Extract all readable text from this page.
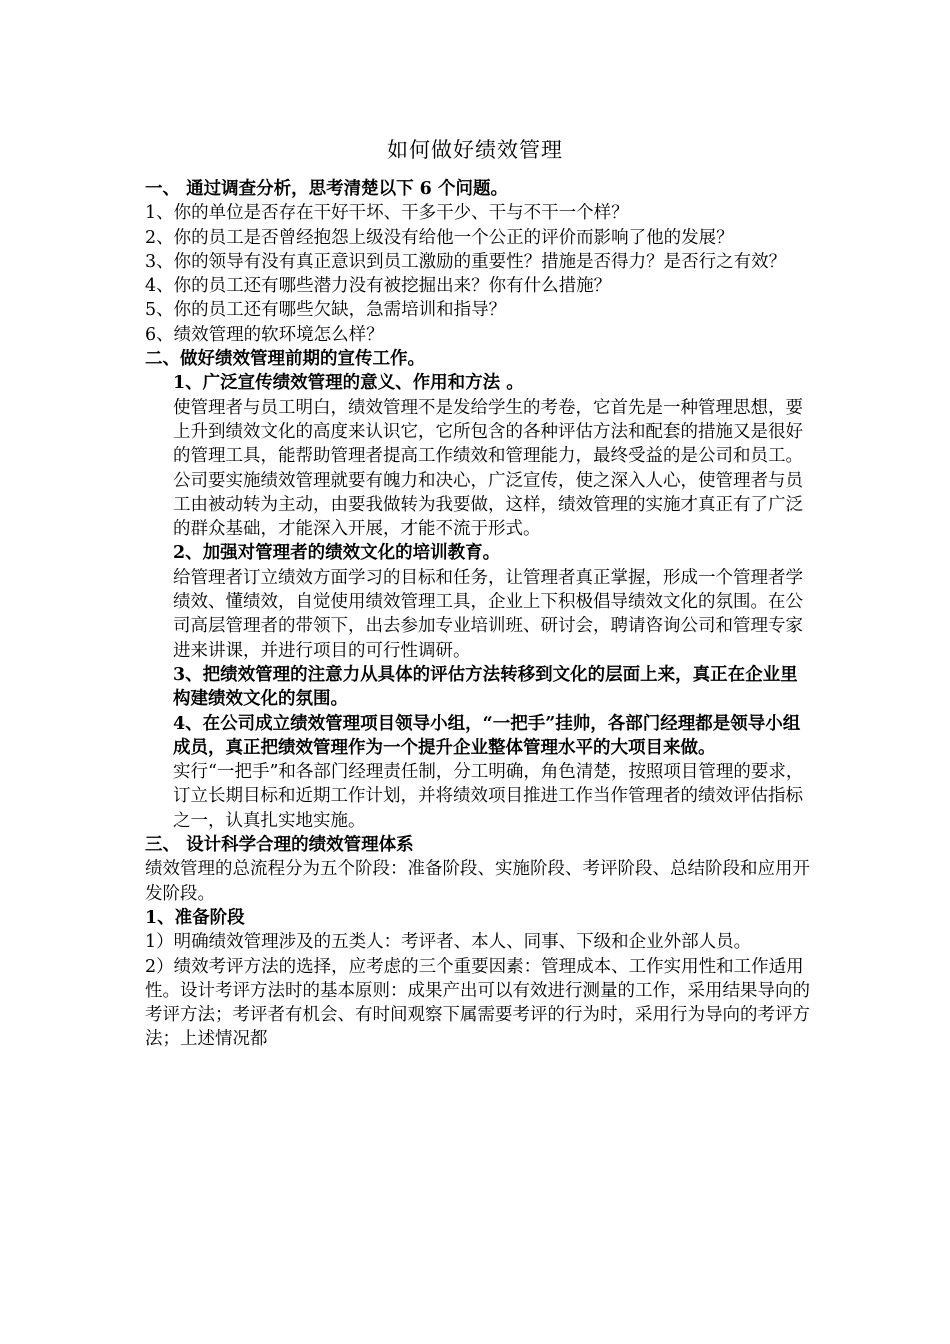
如何做好绩效管理

一、 通过调查分析，思考清楚以下 6 个问题。

1、你的单位是否存在干好干坏、干多干少、干与不干一个样？

2、你的员工是否曾经抱怨上级没有给他一个公正的评价而影响了他的发展？

3、你的领导有没有真正意识到员工激励的重要性？措施是否得力？是否行之有效？

4、你的员工还有哪些潜力没有被挖掘出来？你有什么措施？

5、你的员工还有哪些欠缺，急需培训和指导？

6、绩效管理的软环境怎么样？

二、做好绩效管理前期的宣传工作。

1、广泛宣传绩效管理的意义、作用和方法 。

使管理者与员工明白，绩效管理不是发给学生的考卷，它首先是一种管理思想，要上升到绩效文化的高度来认识它，它所包含的各种评估方法和配套的措施又是很好的管理工具，能帮助管理者提高工作绩效和管理能力，最终受益的是公司和员工。公司要实施绩效管理就要有魄力和决心，广泛宣传，使之深入人心，使管理者与员工由被动转为主动，由要我做转为我要做，这样，绩效管理的实施才真正有了广泛的群众基础，才能深入开展，才能不流于形式。

2、加强对管理者的绩效文化的培训教育。

给管理者订立绩效方面学习的目标和任务，让管理者真正掌握，形成一个管理者学绩效、懂绩效，自觉使用绩效管理工具，企业上下积极倡导绩效文化的氛围。在公司高层管理者的带领下，出去参加专业培训班、研讨会，聘请咨询公司和管理专家进来讲课，并进行项目的可行性调研。

3、把绩效管理的注意力从具体的评估方法转移到文化的层面上来，真正在企业里构建绩效文化的氛围。

4、在公司成立绩效管理项目领导小组，“一把手”挂帅，各部门经理都是领导小组成员，真正把绩效管理作为一个提升企业整体管理水平的大项目来做。

实行“一把手”和各部门经理责任制，分工明确，角色清楚，按照项目管理的要求，订立长期目标和近期工作计划，并将绩效项目推进工作当作管理者的绩效评估指标之一，认真扎实地实施。

三、 设计科学合理的绩效管理体系

绩效管理的总流程分为五个阶段：准备阶段、实施阶段、考评阶段、总结阶段和应用开发阶段。

1、准备阶段

1）明确绩效管理涉及的五类人：考评者、本人、同事、下级和企业外部人员。

2）绩效考评方法的选择，应考虑的三个重要因素：管理成本、工作实用性和工作适用性。设计考评方法时的基本原则：成果产出可以有效进行测量的工作，采用结果导向的考评方法；考评者有机会、有时间观察下属需要考评的行为时，采用行为导向的考评方法；上述情况都
